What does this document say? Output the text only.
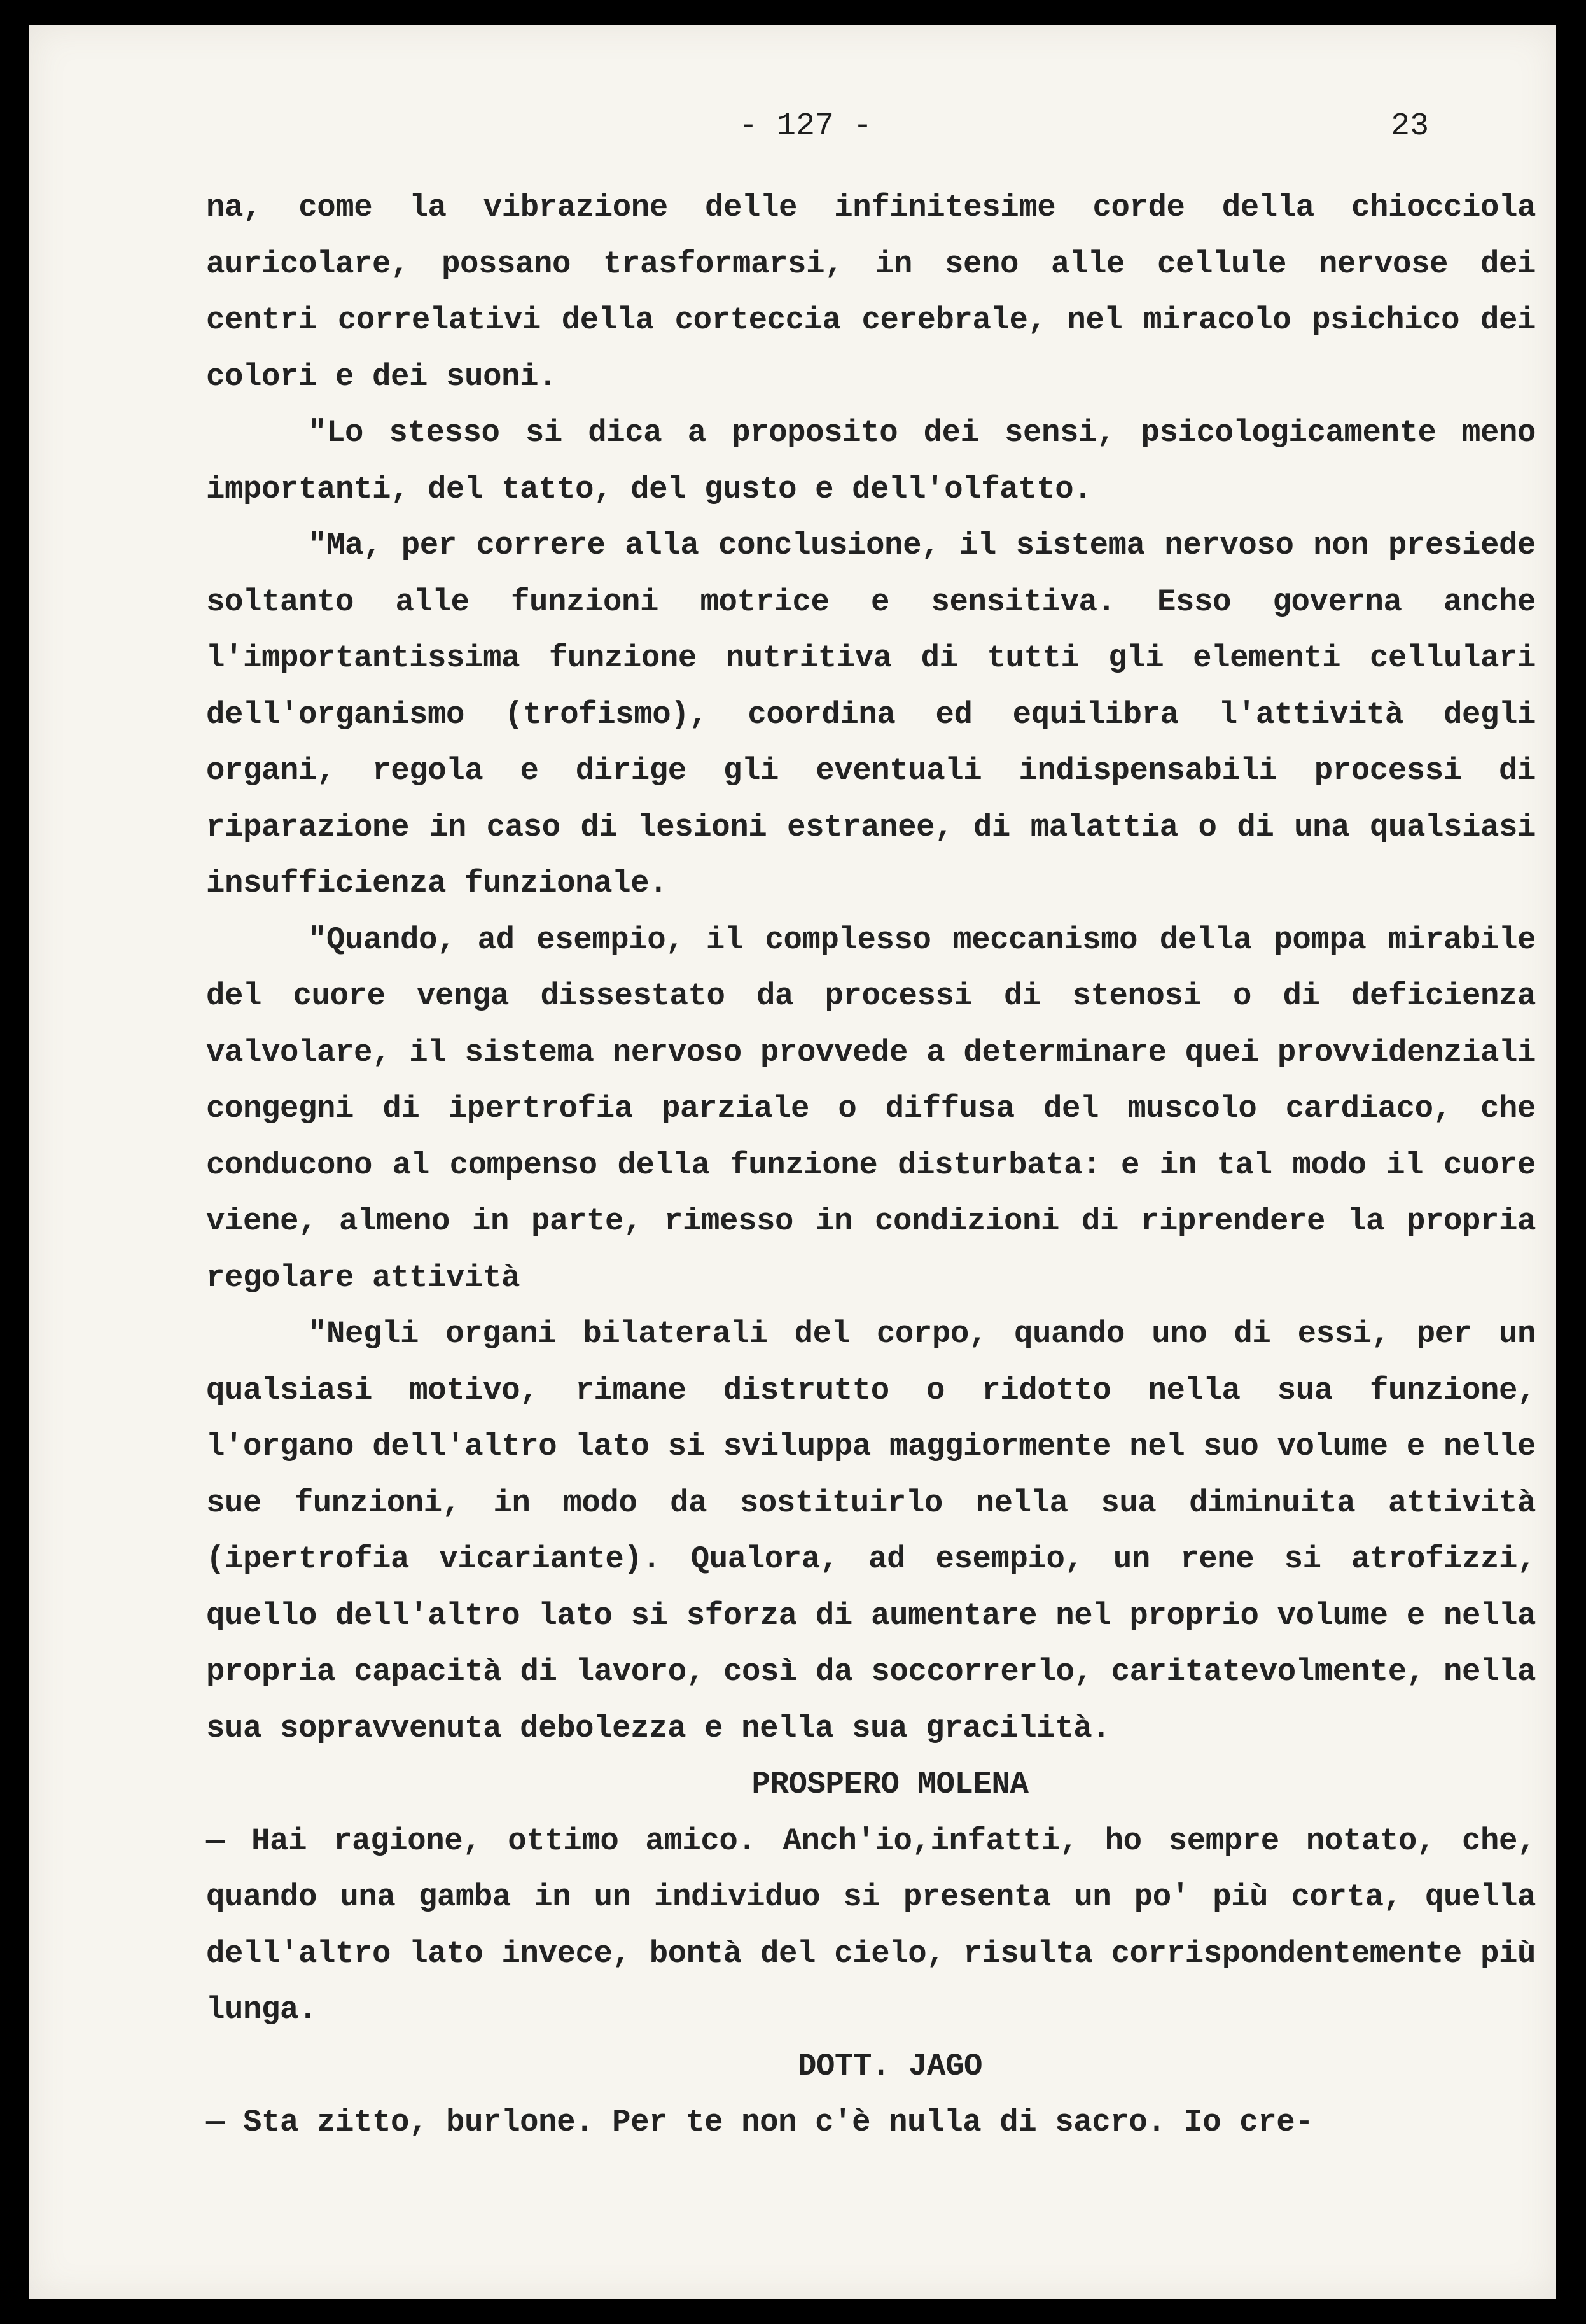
- 127 -	23

na, come la vibrazione delle infinitesime corde della chiocciola auricolare, possano trasformarsi, in seno alle cellule nervose dei centri correlativi della corteccia cerebrale, nel miracolo psichico dei colori e dei suoni.

"Lo stesso si dica a proposito dei sensi, psicologicamente meno importanti, del tatto, del gusto e dell'olfatto.

"Ma, per correre alla conclusione, il sistema nervoso non presiede soltanto alle funzioni motrice e sensitiva. Esso governa anche l'importantissima funzione nutritiva di tutti gli elementi cellulari dell'organismo (trofismo), coordina ed equilibra l'attività degli organi, regola e dirige gli eventuali indispensabili processi di riparazione in caso di lesioni estranee, di malattia o di una qualsiasi insufficienza funzionale.

"Quando, ad esempio, il complesso meccanismo della pompa mirabile del cuore venga dissestato da processi di stenosi o di deficienza valvolare, il sistema nervoso provvede a determinare quei provvidenziali congegni di ipertrofia parziale o diffusa del muscolo cardiaco, che conducono al compenso della funzione disturbata: e in tal modo il cuore viene, almeno in parte, rimesso in condizioni di riprendere la propria regolare attività

"Negli organi bilaterali del corpo, quando uno di essi, per un qualsiasi motivo, rimane distrutto o ridotto nella sua funzione, l'organo dell'altro lato si sviluppa maggiormente nel suo volume e nelle sue funzioni, in modo da sostituirlo nella sua diminuita attività (ipertrofia vicariante). Qualora, ad esempio, un rene si atrofizzi, quello dell'altro lato si sforza di aumentare nel proprio volume e nella propria capacità di lavoro, così da soccorrerlo, caritatevolmente, nella sua sopravvenuta debolezza e nella sua gracilità.

PROSPERO MOLENA

— Hai ragione, ottimo amico. Anch'io,infatti, ho sempre notato, che, quando una gamba in un individuo si presenta un po' più corta, quella dell'altro lato invece, bontà del cielo, risulta corrispondentemente più lunga.

DOTT. JAGO

— Sta zitto, burlone. Per te non c'è nulla di sacro. Io cre-
